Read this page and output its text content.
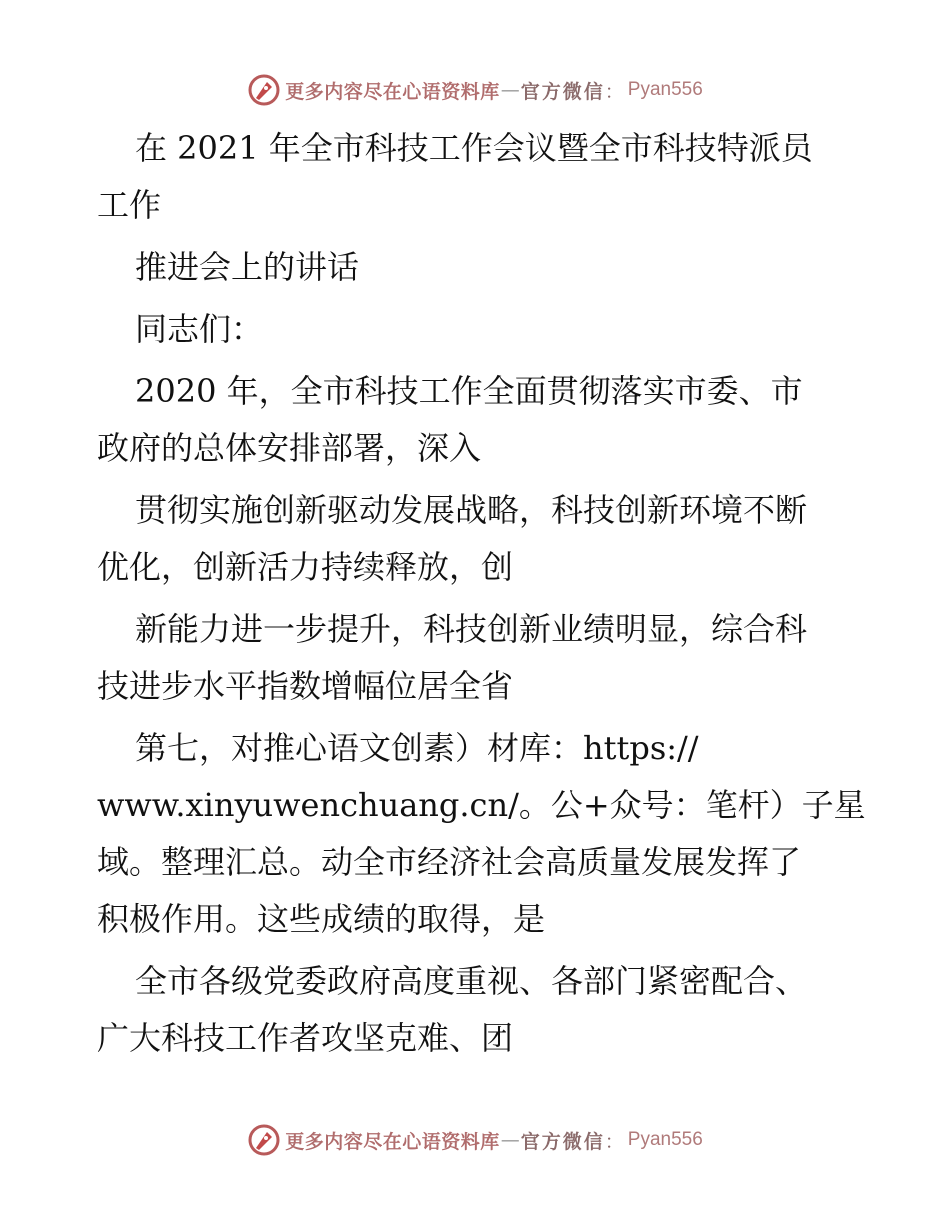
更多内容尽在心语资料库 — 官方微信 ： Pyan556
在 2021 年全市科技工作会议暨全市科技特派员
工作
推进会上的讲话
同志们：
2020 年，全市科技工作全面贯彻落实市委、市
政府的总体安排部署，深入
贯彻实施创新驱动发展战略，科技创新环境不断
优化，创新活力持续释放，创
新能力进一步提升，科技创新业绩明显，综合科
技进步水平指数增幅位居全省
第七，对推心语文创素）材库：https://
www.xinyuwenchuang.cn/。公+众号：笔杆）子星
域。整理汇总。动全市经济社会高质量发展发挥了
积极作用。这些成绩的取得，是
全市各级党委政府高度重视、各部门紧密配合、
广大科技工作者攻坚克难、团
更多内容尽在心语资料库 — 官方微信 ： Pyan556
